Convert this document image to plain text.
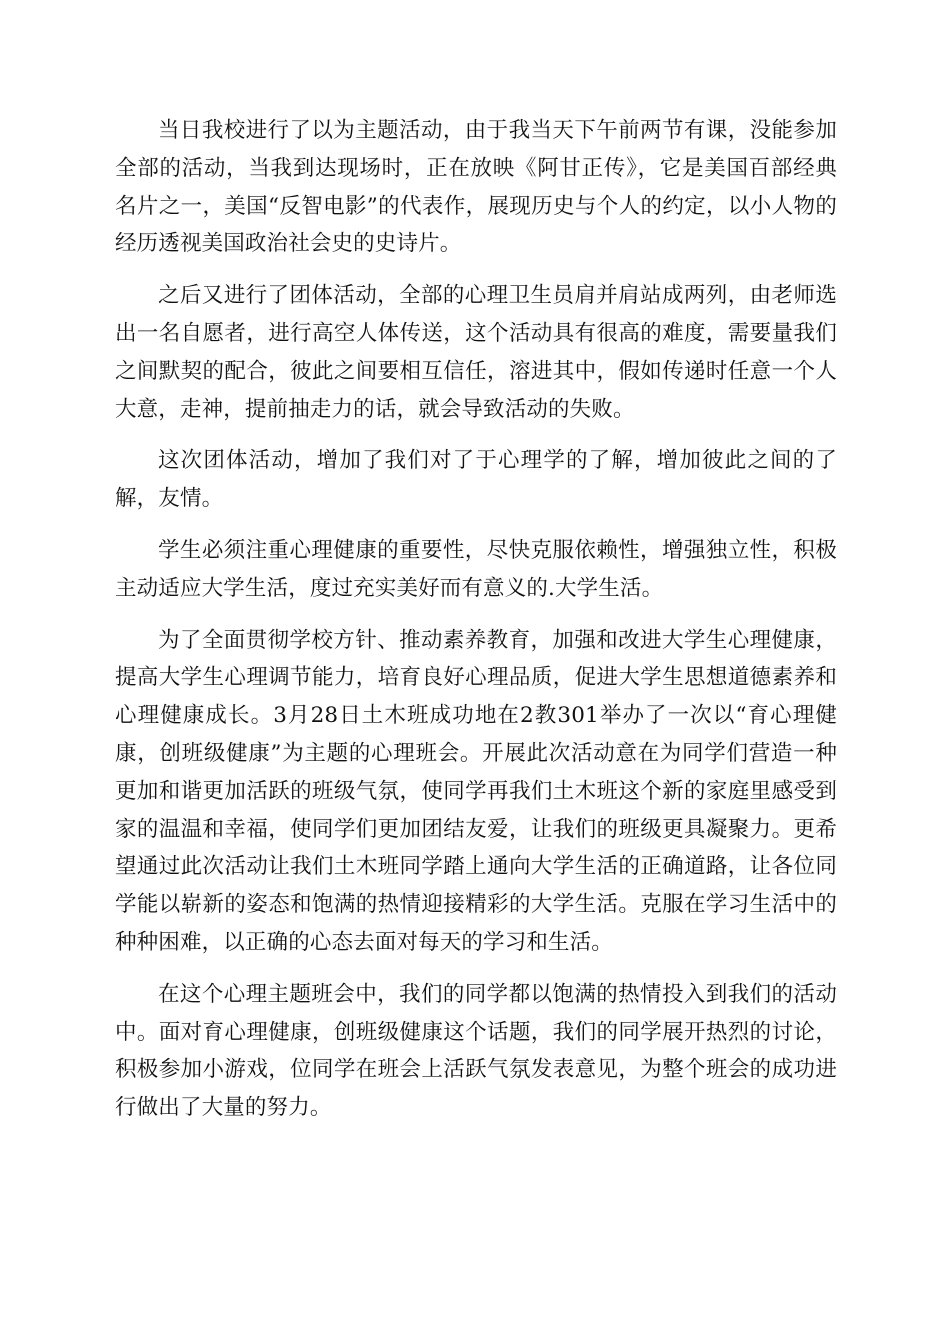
当日我校进行了以为主题活动，由于我当天下午前两节有课，没能参加全部的活动，当我到达现场时，正在放映《阿甘正传》，它是美国百部经典名片之一，美国“反智电影”的代表作，展现历史与个人的约定，以小人物的经历透视美国政治社会史的史诗片。

之后又进行了团体活动，全部的心理卫生员肩并肩站成两列，由老师选出一名自愿者，进行高空人体传送，这个活动具有很高的难度，需要量我们之间默契的配合，彼此之间要相互信任，溶进其中，假如传递时任意一个人大意，走神，提前抽走力的话，就会导致活动的失败。

这次团体活动，增加了我们对了于心理学的了解，增加彼此之间的了解，友情。

学生必须注重心理健康的重要性，尽快克服依赖性，增强独立性，积极主动适应大学生活，度过充实美好而有意义的.大学生活。

为了全面贯彻学校方针、推动素养教育，加强和改进大学生心理健康，提高大学生心理调节能力，培育良好心理品质，促进大学生思想道德素养和心理健康成长。3月28日土木班成功地在2教301举办了一次以“育心理健康，创班级健康”为主题的心理班会。开展此次活动意在为同学们营造一种更加和谐更加活跃的班级气氛，使同学再我们土木班这个新的家庭里感受到家的温温和幸福，使同学们更加团结友爱，让我们的班级更具凝聚力。更希望通过此次活动让我们土木班同学踏上通向大学生活的正确道路，让各位同学能以崭新的姿态和饱满的热情迎接精彩的大学生活。克服在学习生活中的种种困难，以正确的心态去面对每天的学习和生活。

在这个心理主题班会中，我们的同学都以饱满的热情投入到我们的活动中。面对育心理健康，创班级健康这个话题，我们的同学展开热烈的讨论，积极参加小游戏，位同学在班会上活跃气氛发表意见，为整个班会的成功进行做出了大量的努力。
